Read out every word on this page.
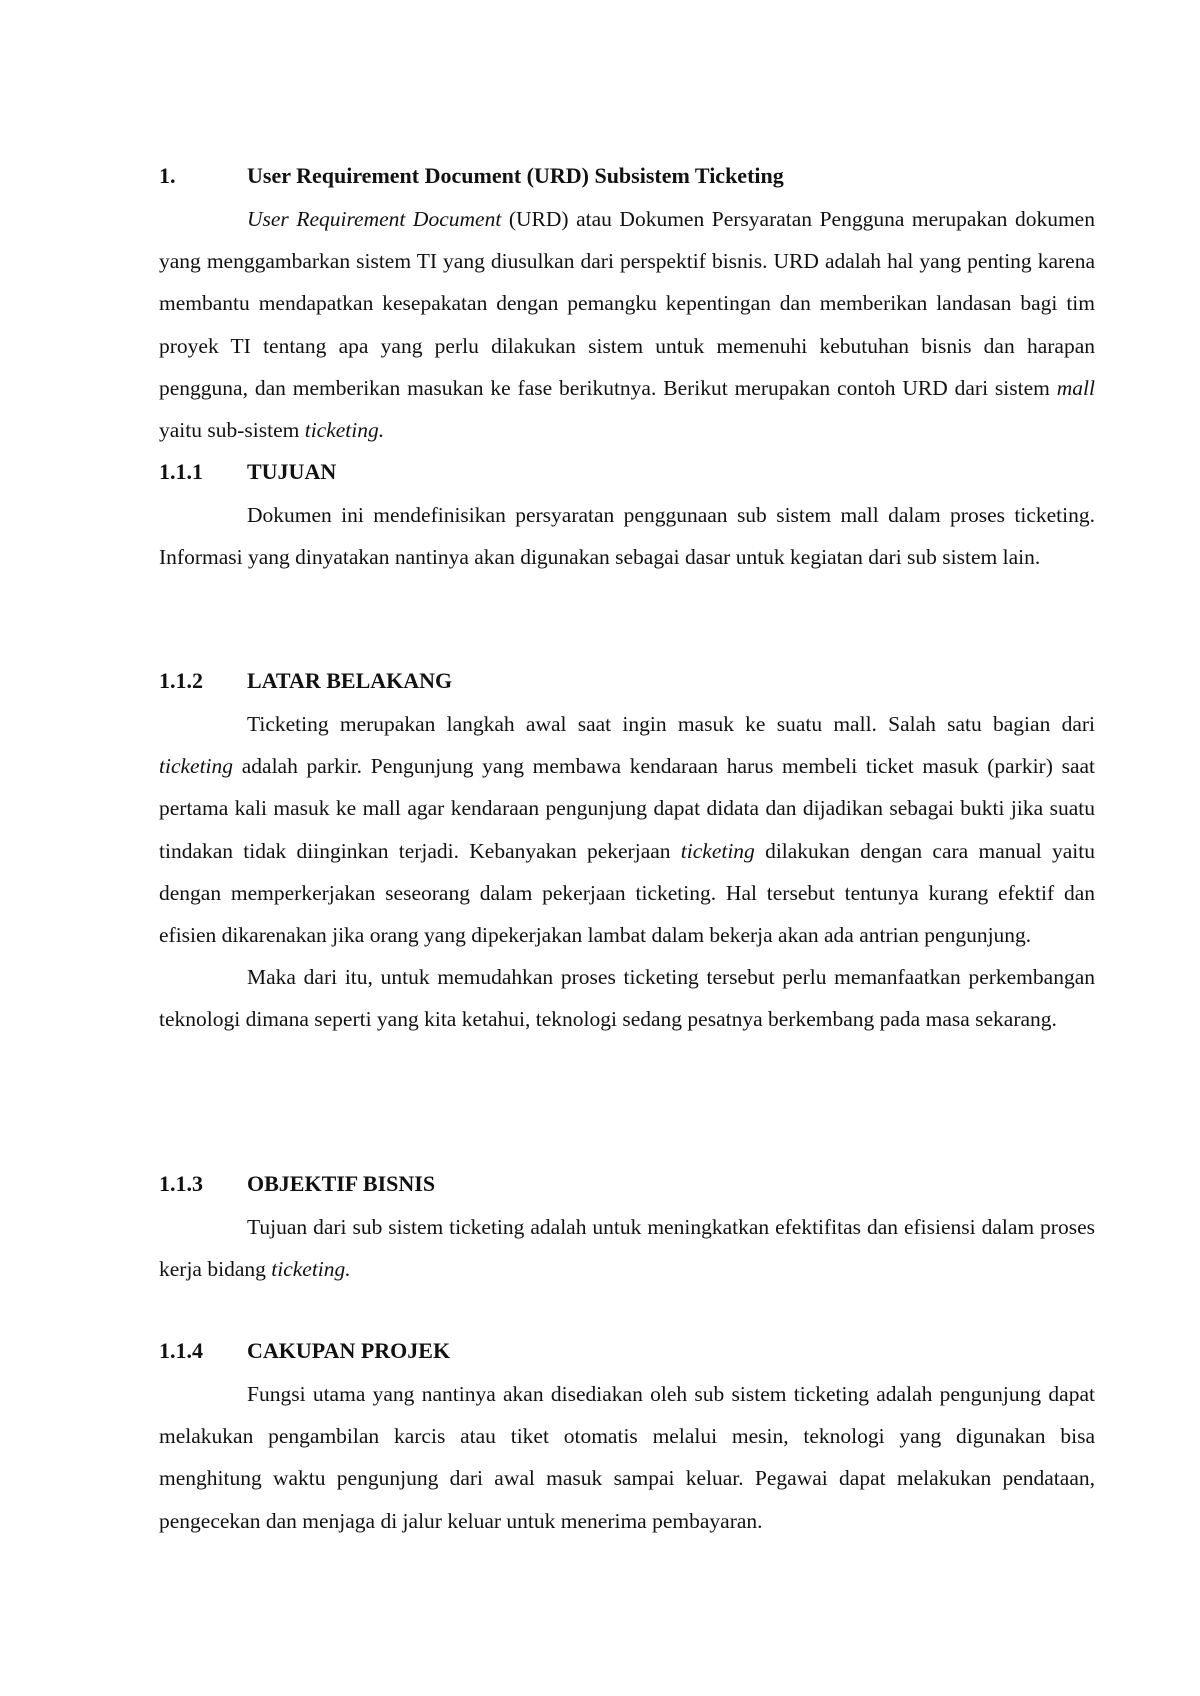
1.	User Requirement Document (URD) Subsistem Ticketing

User Requirement Document (URD) atau Dokumen Persyaratan Pengguna merupakan dokumen yang menggambarkan sistem TI yang diusulkan dari perspektif bisnis. URD adalah hal yang penting karena membantu mendapatkan kesepakatan dengan pemangku kepentingan dan memberikan landasan bagi tim proyek TI tentang apa yang perlu dilakukan sistem untuk memenuhi kebutuhan bisnis dan harapan pengguna, dan memberikan masukan ke fase berikutnya. Berikut merupakan contoh URD dari sistem mall yaitu sub-sistem ticketing.

1.1.1 TUJUAN

Dokumen ini mendefinisikan persyaratan penggunaan sub sistem mall dalam proses ticketing. Informasi yang dinyatakan nantinya akan digunakan sebagai dasar untuk kegiatan dari sub sistem lain.

1.1.2 LATAR BELAKANG

Ticketing merupakan langkah awal saat ingin masuk ke suatu mall. Salah satu bagian dari ticketing adalah parkir. Pengunjung yang membawa kendaraan harus membeli ticket masuk (parkir) saat pertama kali masuk ke mall agar kendaraan pengunjung dapat didata dan dijadikan sebagai bukti jika suatu tindakan tidak diinginkan terjadi. Kebanyakan pekerjaan ticketing dilakukan dengan cara manual yaitu dengan memperkerjakan seseorang dalam pekerjaan ticketing. Hal tersebut tentunya kurang efektif dan efisien dikarenakan jika orang yang dipekerjakan lambat dalam bekerja akan ada antrian pengunjung.

Maka dari itu, untuk memudahkan proses ticketing tersebut perlu memanfaatkan perkembangan teknologi dimana seperti yang kita ketahui, teknologi sedang pesatnya berkembang pada masa sekarang.

1.1.3 OBJEKTIF BISNIS

Tujuan dari sub sistem ticketing adalah untuk meningkatkan efektifitas dan efisiensi dalam proses kerja bidang ticketing.

1.1.4 CAKUPAN PROJEK

Fungsi utama yang nantinya akan disediakan oleh sub sistem ticketing adalah pengunjung dapat melakukan pengambilan karcis atau tiket otomatis melalui mesin, teknologi yang digunakan bisa menghitung waktu pengunjung dari awal masuk sampai keluar. Pegawai dapat melakukan pendataan, pengecekan dan menjaga di jalur keluar untuk menerima pembayaran.
